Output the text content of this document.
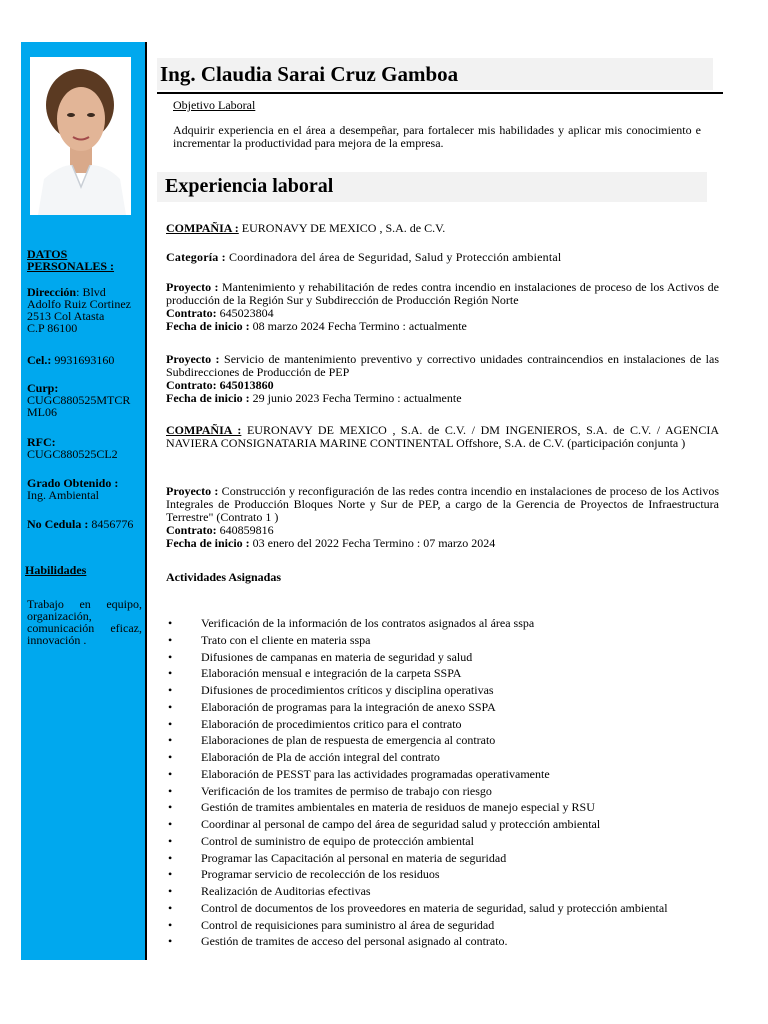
DATOS PERSONALES :
Dirección: Blvd
Adolfo Ruiz Cortinez
2513 Col Atasta
C.P 86100
Cel.: 9931693160
Curp:
CUGC880525MTCR
ML06
RFC:
CUGC880525CL2
Grado Obtenido :
Ing. Ambiental
No Cedula : 8456776
Habilidades
Trabajo en equipo, organización, comunicación eficaz, innovación .
Ing. Claudia Sarai Cruz Gamboa
Objetivo Laboral
Adquirir experiencia en el área a desempeñar, para fortalecer mis habilidades y aplicar mis conocimiento e incrementar la productividad para mejora de la empresa.
Experiencia laboral
COMPAÑIA : EURONAVY DE MEXICO , S.A. de C.V.
Categoría : Coordinadora del área de Seguridad, Salud y Protección ambiental
Proyecto : Mantenimiento y rehabilitación de redes contra incendio en instalaciones de proceso de los Activos de producción de la Región Sur y Subdirección de Producción Región Norte
Contrato: 645023804
Fecha de inicio : 08 marzo 2024 Fecha Termino : actualmente
Proyecto : Servicio de mantenimiento preventivo y correctivo unidades contraincendios en instalaciones de las Subdirecciones de Producción de PEP
Contrato: 645013860
Fecha de inicio : 29 junio 2023 Fecha Termino : actualmente
COMPAÑIA : EURONAVY DE MEXICO , S.A. de C.V. / DM INGENIEROS, S.A. de C.V. / AGENCIA NAVIERA CONSIGNATARIA MARINE CONTINENTAL Offshore, S.A. de C.V. (participación conjunta )
Proyecto : Construcción y reconfiguración de las redes contra incendio en instalaciones de proceso de los Activos Integrales de Producción Bloques Norte y Sur de PEP, a cargo de la Gerencia de Proyectos de Infraestructura Terrestre" (Contrato 1 )
Contrato: 640859816
Fecha de inicio : 03 enero del 2022 Fecha Termino : 07 marzo 2024
Actividades Asignadas
• Verificación de la información de los contratos asignados al área sspa
• Trato con el cliente en materia sspa
• Difusiones de campanas en materia de seguridad y salud
• Elaboración mensual e integración de la carpeta SSPA
• Difusiones de procedimientos críticos y disciplina operativas
• Elaboración de programas para la integración de anexo SSPA
• Elaboración de procedimientos critico para el contrato
• Elaboraciones de plan de respuesta de emergencia al contrato
• Elaboración de Pla de acción integral del contrato
• Elaboración de PESST para las actividades programadas operativamente
• Verificación de los tramites de permiso de trabajo con riesgo
• Gestión de tramites ambientales en materia de residuos de manejo especial y RSU
• Coordinar al personal de campo del área de seguridad salud y protección ambiental
• Control de suministro de equipo de protección ambiental
• Programar las Capacitación al personal en materia de seguridad
• Programar servicio de recolección de los residuos
• Realización de Auditorias efectivas
• Control de documentos de los proveedores en materia de seguridad, salud y protección ambiental
• Control de requisiciones para suministro al área de seguridad
• Gestión de tramites de acceso del personal asignado al contrato.
